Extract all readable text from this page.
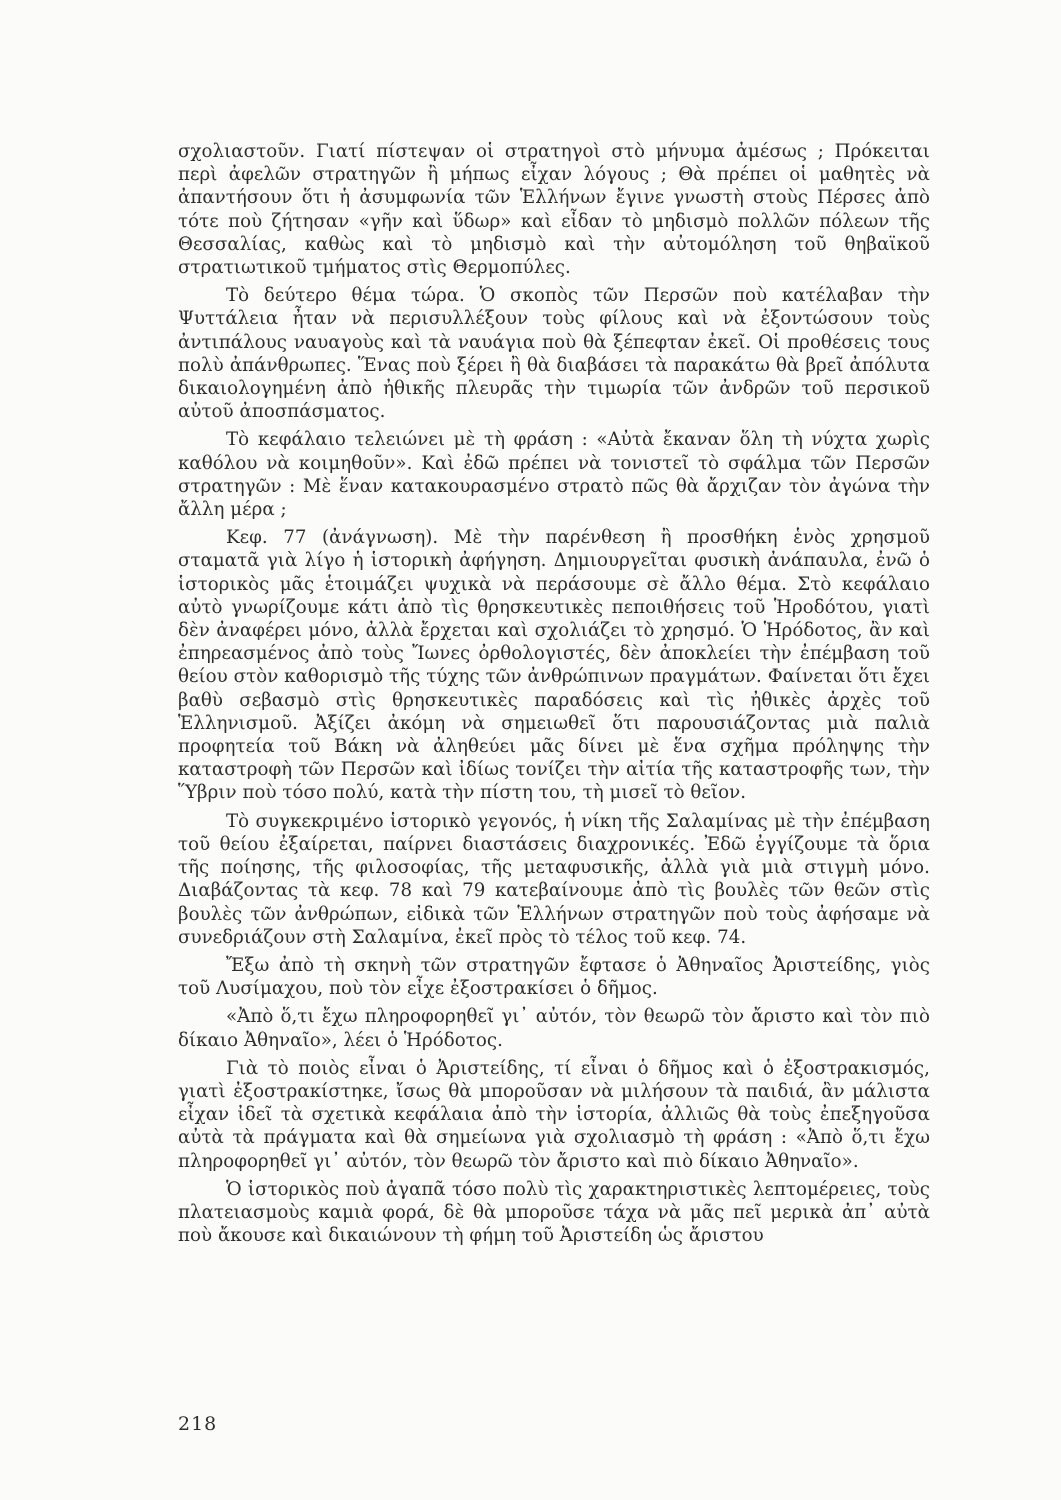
σχολιαστοῦν. Γιατί πίστεψαν οἱ στρατηγοὶ στὸ μήνυμα ἀμέσως ; Πρόκειται περὶ ἀφελῶν στρατηγῶν ἢ μήπως εἶχαν λόγους ; Θὰ πρέπει οἱ μαθητὲς νὰ ἀπαντήσουν ὅτι ἡ ἀσυμφωνία τῶν Ἑλλήνων ἔγινε γνωστὴ στοὺς Πέρσες ἀπὸ τότε ποὺ ζήτησαν «γῆν καὶ ὕδωρ» καὶ εἶδαν τὸ μηδισμὸ πολλῶν πόλεων τῆς Θεσσαλίας, καθὼς καὶ τὸ μηδισμὸ καὶ τὴν αὐτομόληση τοῦ θηβαϊκοῦ στρατιωτικοῦ τμήματος στὶς Θερμοπύλες.

Τὸ δεύτερο θέμα τώρα. Ὁ σκοπὸς τῶν Περσῶν ποὺ κατέλαβαν τὴν Ψυττάλεια ἦταν νὰ περισυλλέξουν τοὺς φίλους καὶ νὰ ἐξοντώσουν τοὺς ἀντιπάλους ναυαγοὺς καὶ τὰ ναυάγια ποὺ θὰ ξέπεφταν ἐκεῖ. Οἱ προθέσεις τους πολὺ ἀπάνθρωπες. Ἕνας ποὺ ξέρει ἢ θὰ διαβάσει τὰ παρακάτω θὰ βρεῖ ἀπόλυτα δικαιολογημένη ἀπὸ ἠθικῆς πλευρᾶς τὴν τιμωρία τῶν ἀνδρῶν τοῦ περσικοῦ αὐτοῦ ἀποσπάσματος.

Τὸ κεφάλαιο τελειώνει μὲ τὴ φράση : «Αὐτὰ ἔκαναν ὅλη τὴ νύχτα χωρὶς καθόλου νὰ κοιμηθοῦν». Καὶ ἐδῶ πρέπει νὰ τονιστεῖ τὸ σφάλμα τῶν Περσῶν στρατηγῶν : Μὲ ἕναν κατακουρασμένο στρατὸ πῶς θὰ ἄρχιζαν τὸν ἀγώνα τὴν ἄλλη μέρα ;

Κεφ. 77 (ἀνάγνωση). Μὲ τὴν παρένθεση ἢ προσθήκη ἑνὸς χρησμοῦ σταματᾶ γιὰ λίγο ἡ ἱστορικὴ ἀφήγηση. Δημιουργεῖται φυσικὴ ἀνάπαυλα, ἐνῶ ὁ ἱστορικὸς μᾶς ἑτοιμάζει ψυχικὰ νὰ περάσουμε σὲ ἄλλο θέμα. Στὸ κεφάλαιο αὐτὸ γνωρίζουμε κάτι ἀπὸ τὶς θρησκευτικὲς πεποιθήσεις τοῦ Ἡροδότου, γιατὶ δὲν ἀναφέρει μόνο, ἀλλὰ ἔρχεται καὶ σχολιάζει τὸ χρησμό. Ὁ Ἡρόδοτος, ἂν καὶ ἐπηρεασμένος ἀπὸ τοὺς Ἴωνες ὀρθολογιστές, δὲν ἀποκλείει τὴν ἐπέμβαση τοῦ θείου στὸν καθορισμὸ τῆς τύχης τῶν ἀνθρώπινων πραγμάτων. Φαίνεται ὅτι ἔχει βαθὺ σεβασμὸ στὶς θρησκευτικὲς παραδόσεις καὶ τὶς ἠθικὲς ἀρχὲς τοῦ Ἑλληνισμοῦ. Ἀξίζει ἀκόμη νὰ σημειωθεῖ ὅτι παρουσιάζοντας μιὰ παλιὰ προφητεία τοῦ Βάκη νὰ ἀληθεύει μᾶς δίνει μὲ ἕνα σχῆμα πρόληψης τὴν καταστροφὴ τῶν Περσῶν καὶ ἰδίως τονίζει τὴν αἰτία τῆς καταστροφῆς των, τὴν Ὕβριν ποὺ τόσο πολύ, κατὰ τὴν πίστη του, τὴ μισεῖ τὸ θεῖον.

Τὸ συγκεκριμένο ἱστορικὸ γεγονός, ἡ νίκη τῆς Σαλαμίνας μὲ τὴν ἐπέμβαση τοῦ θείου ἐξαίρεται, παίρνει διαστάσεις διαχρονικές. Ἐδῶ ἐγγίζουμε τὰ ὅρια τῆς ποίησης, τῆς φιλοσοφίας, τῆς μεταφυσικῆς, ἀλλὰ γιὰ μιὰ στιγμὴ μόνο. Διαβάζοντας τὰ κεφ. 78 καὶ 79 κατεβαίνουμε ἀπὸ τὶς βουλὲς τῶν θεῶν στὶς βουλὲς τῶν ἀνθρώπων, εἰδικὰ τῶν Ἑλλήνων στρατηγῶν ποὺ τοὺς ἀφήσαμε νὰ συνεδριάζουν στὴ Σαλαμίνα, ἐκεῖ πρὸς τὸ τέλος τοῦ κεφ. 74.

Ἔξω ἀπὸ τὴ σκηνὴ τῶν στρατηγῶν ἔφτασε ὁ Ἀθηναῖος Ἀριστείδης, γιὸς τοῦ Λυσίμαχου, ποὺ τὸν εἶχε ἐξοστρακίσει ὁ δῆμος.

«Ἀπὸ ὅ,τι ἔχω πληροφορηθεῖ γι᾽ αὐτόν, τὸν θεωρῶ τὸν ἄριστο καὶ τὸν πιὸ δίκαιο Ἀθηναῖο», λέει ὁ Ἡρόδοτος.

Γιὰ τὸ ποιὸς εἶναι ὁ Ἀριστείδης, τί εἶναι ὁ δῆμος καὶ ὁ ἐξοστρακισμός, γιατὶ ἐξοστρακίστηκε, ἴσως θὰ μποροῦσαν νὰ μιλήσουν τὰ παιδιά, ἂν μάλιστα εἶχαν ἰδεῖ τὰ σχετικὰ κεφάλαια ἀπὸ τὴν ἱστορία, ἀλλιῶς θὰ τοὺς ἐπεξηγοῦσα αὐτὰ τὰ πράγματα καὶ θὰ σημείωνα γιὰ σχολιασμὸ τὴ φράση : «Ἀπὸ ὅ,τι ἔχω πληροφορηθεῖ γι᾽ αὐτόν, τὸν θεωρῶ τὸν ἄριστο καὶ πιὸ δίκαιο Ἀθηναῖο».

Ὁ ἱστορικὸς ποὺ ἀγαπᾶ τόσο πολὺ τὶς χαρακτηριστικὲς λεπτομέρειες, τοὺς πλατειασμοὺς καμιὰ φορά, δὲ θὰ μποροῦσε τάχα νὰ μᾶς πεῖ μερικὰ ἀπ᾽ αὐτὰ ποὺ ἄκουσε καὶ δικαιώνουν τὴ φήμη τοῦ Ἀριστείδη ὡς ἄριστου

218
